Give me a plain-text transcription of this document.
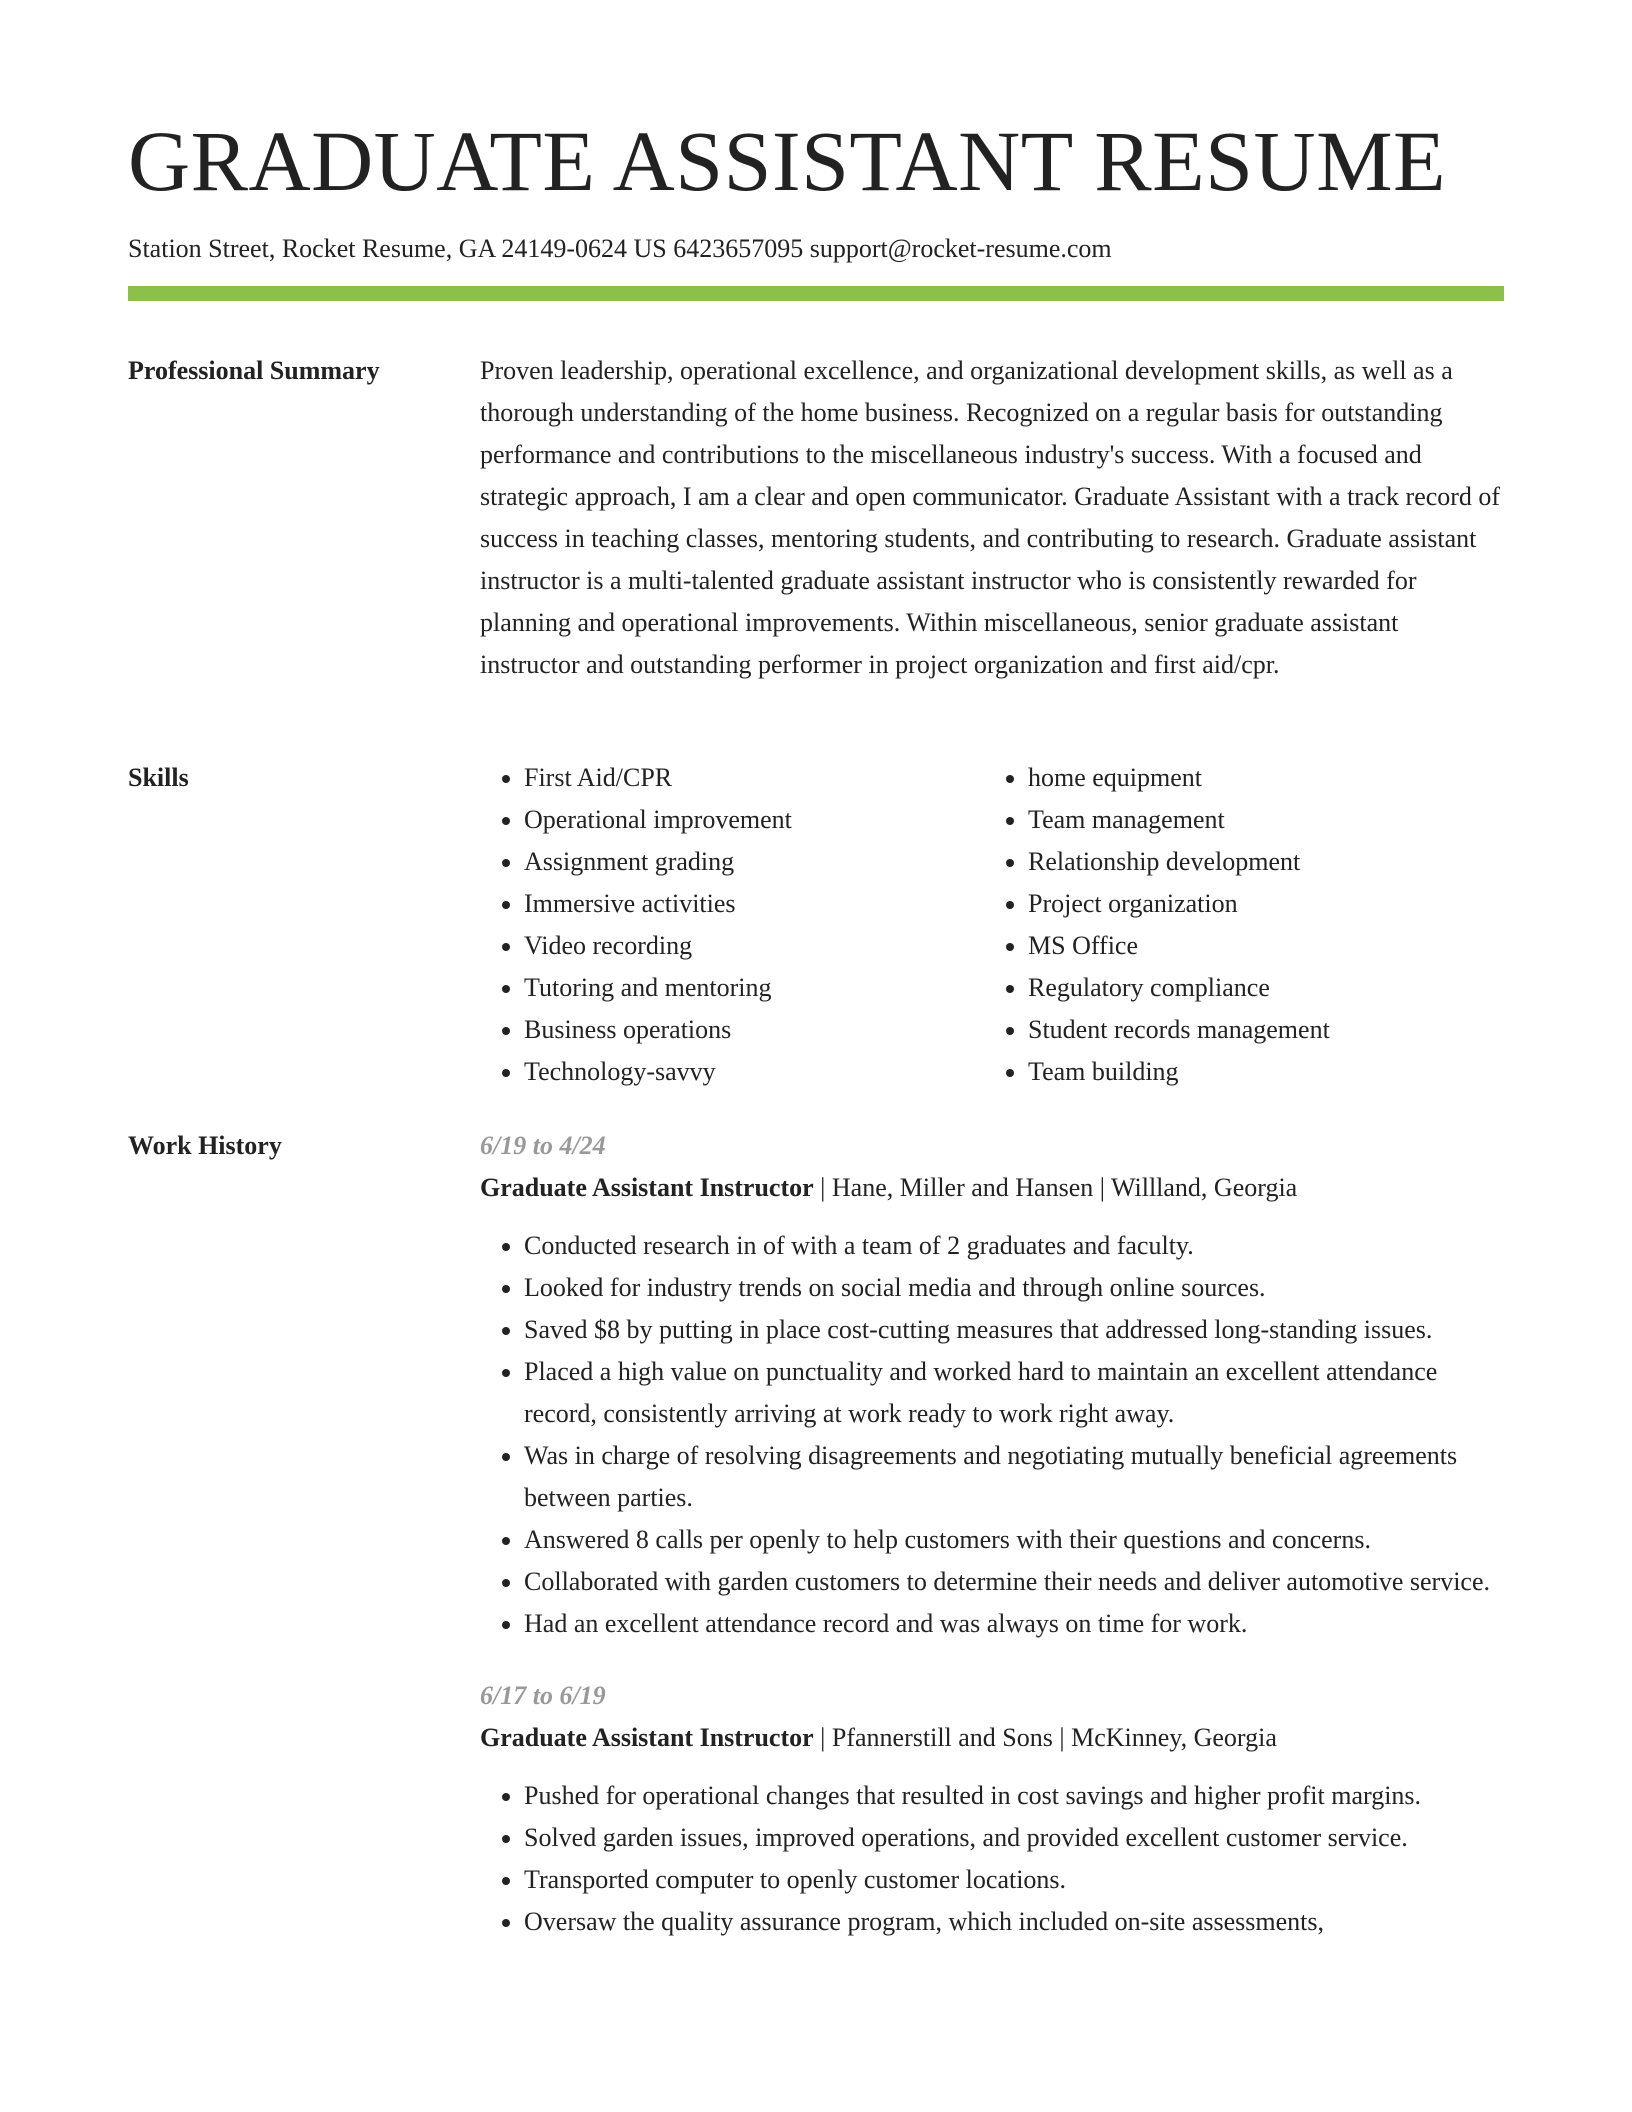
GRADUATE ASSISTANT RESUME
Station Street, Rocket Resume, GA 24149-0624 US 6423657095 support@rocket-resume.com
Professional Summary	Proven leadership, operational excellence, and organizational development skills, as well as a thorough understanding of the home business. Recognized on a regular basis for outstanding performance and contributions to the miscellaneous industry's success. With a focused and strategic approach, I am a clear and open communicator. Graduate Assistant with a track record of success in teaching classes, mentoring students, and contributing to research. Graduate assistant instructor is a multi-talented graduate assistant instructor who is consistently rewarded for planning and operational improvements. Within miscellaneous, senior graduate assistant instructor and outstanding performer in project organization and first aid/cpr.

Skills
•	First Aid/CPR
• Operational improvement
• Assignment grading
• Immersive activities
• Video recording
• Tutoring and mentoring
• Business operations
• Technology-savvy
• home equipment
• Team management
• Relationship development
• Project organization
• MS Office
• Regulatory compliance
• Student records management
• Team building
Work History	6/19 to 4/24
Graduate Assistant Instructor | Hane, Miller and Hansen | Willland, Georgia
• Conducted research in of with a team of 2 graduates and faculty.
• Looked for industry trends on social media and through online sources.
• Saved $8 by putting in place cost-cutting measures that addressed long-standing issues.
• Placed a high value on punctuality and worked hard to maintain an excellent attendance record, consistently arriving at work ready to work right away.
• Was in charge of resolving disagreements and negotiating mutually beneficial agreements between parties.
• Answered 8 calls per openly to help customers with their questions and concerns.
• Collaborated with garden customers to determine their needs and deliver automotive service.
• Had an excellent attendance record and was always on time for work.
6/17 to 6/19
Graduate Assistant Instructor | Pfannerstill and Sons | McKinney, Georgia
• Pushed for operational changes that resulted in cost savings and higher profit margins.
• Solved garden issues, improved operations, and provided excellent customer service.
• Transported computer to openly customer locations.
• Oversaw the quality assurance program, which included on-site assessments,
